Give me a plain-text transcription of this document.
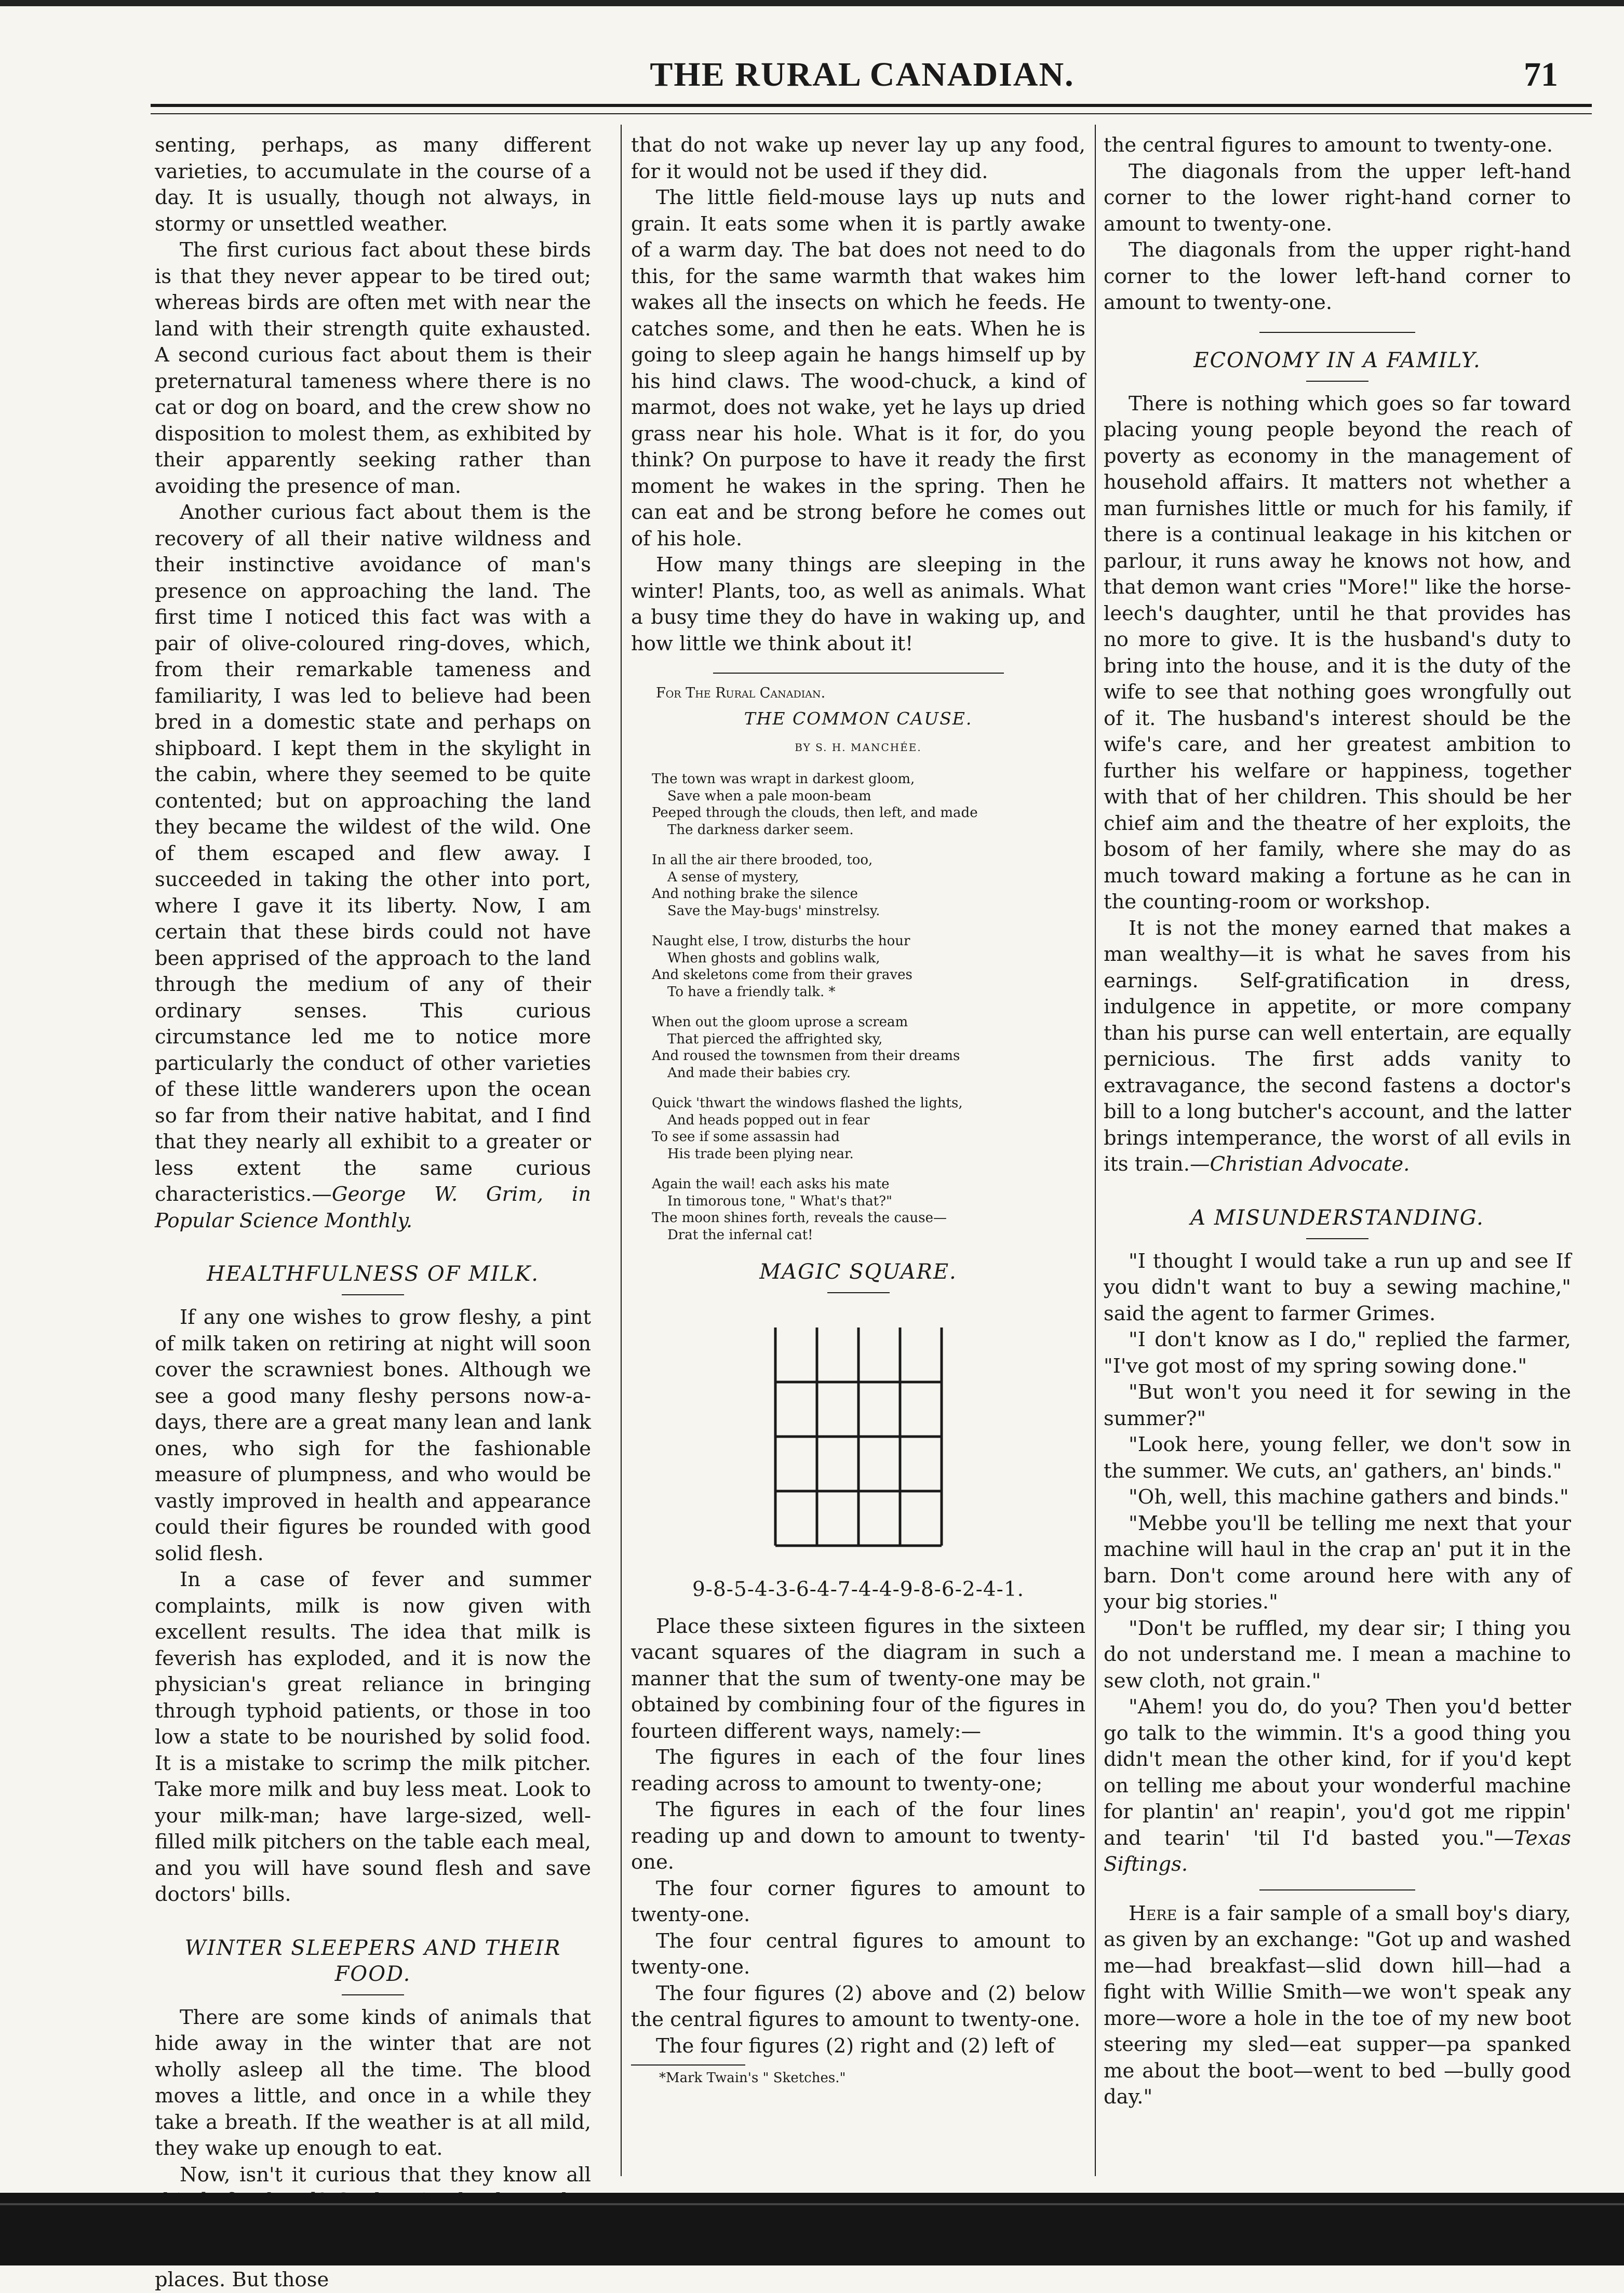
THE RURAL CANADIAN.	71

senting, perhaps, as many different varieties, to accumulate in the course of a day. It is usually, though not always, in stormy or unsettled weather.

The first curious fact about these birds is that they never appear to be tired out; whereas birds are often met with near the land with their strength quite exhausted. A second curious fact about them is their preternatural tameness where there is no cat or dog on board, and the crew show no disposition to molest them, as exhibited by their apparently seeking rather than avoiding the presence of man.

Another curious fact about them is the recovery of all their native wildness and their instinctive avoidance of man's presence on approaching the land. The first time I noticed this fact was with a pair of olive-coloured ring-doves, which, from their remarkable tameness and familiarity, I was led to believe had been bred in a domestic state and perhaps on shipboard. I kept them in the skylight in the cabin, where they seemed to be quite contented; but on approaching the land they became the wildest of the wild. One of them escaped and flew away. I succeeded in taking the other into port, where I gave it its liberty. Now, I am certain that these birds could not have been apprised of the approach to the land through the medium of any of their ordinary senses. This curious circumstance led me to notice more particularly the conduct of other varieties of these little wanderers upon the ocean so far from their native habitat, and I find that they nearly all exhibit to a greater or less extent the same curious characteristics.—George W. Grim, in Popular Science Monthly.

HEALTHFULNESS OF MILK.

If any one wishes to grow fleshy, a pint of milk taken on retiring at night will soon cover the scrawniest bones. Although we see a good many fleshy persons now-a-days, there are a great many lean and lank ones, who sigh for the fashionable measure of plumpness, and who would be vastly improved in health and appearance could their figures be rounded with good solid flesh.

In a case of fever and summer complaints, milk is now given with excellent results. The idea that milk is feverish has exploded, and it is now the physician's great reliance in bringing through typhoid patients, or those in too low a state to be nourished by solid food. It is a mistake to scrimp the milk pitcher. Take more milk and buy less meat. Look to your milk-man; have large-sized, well-filled milk pitchers on the table each meal, and you will have sound flesh and save doctors' bills.

WINTER SLEEPERS AND THEIR FOOD.

There are some kinds of animals that hide away in the winter that are not wholly asleep all the time. The blood moves a little, and once in a while they take a breath. If the weather is at all mild, they wake up enough to eat.

Now, isn't it curious that they know all places. But those

that do not wake up never lay up any food, for it would not be used if they did.

The little field-mouse lays up nuts and grain. It eats some when it is partly awake of a warm day. The bat does not need to do this, for the same warmth that wakes him wakes all the insects on which he feeds. He catches some, and then he eats. When he is going to sleep again he hangs himself up by his hind claws. The wood-chuck, a kind of marmot, does not wake, yet he lays up dried grass near his hole. What is it for, do you think? On purpose to have it ready the first moment he wakes in the spring. Then he can eat and be strong before he comes out of his hole.

How many things are sleeping in the winter! Plants, too, as well as animals. What a busy time they do have in waking up, and how little we think about it!

For The Rural Canadian.

THE COMMON CAUSE.
BY S. H. MANCHÉE.
The town was wrapt in darkest gloom,
Save when a pale moon-beam
Peeped through the clouds, then left, and made
The darkness darker seem.
In all the air there brooded, too,
A sense of mystery,
And nothing brake the silence
Save the May-bugs' minstrelsy.
Naught else, I trow, disturbs the hour
When ghosts and goblins walk,
And skeletons come from their graves
To have a friendly talk. *
When out the gloom uprose a scream
That pierced the affrighted sky,
And roused the townsmen from their dreams
And made their babies cry.
Quick 'thwart the windows flashed the lights,
And heads popped out in fear
To see if some assassin had
His trade been plying near.
Again the wail! each asks his mate
In timorous tone, " What's that?"
The moon shines forth, reveals the cause—
Drat the infernal cat!
MAGIC SQUARE.
9-8-5-4-3-6-4-7-4-4-9-8-6-2-4-1.

Place these sixteen figures in the sixteen vacant squares of the diagram in such a manner that the sum of twenty-one may be obtained by combining four of the figures in fourteen different ways, namely:—

The figures in each of the four lines reading across to amount to twenty-one;

The figures in each of the four lines reading up and down to amount to twenty-one.

The four corner figures to amount to twenty-one.

The four central figures to amount to twenty-one.

The four figures (2) above and (2) below the central figures to amount to twenty-one.

The four figures (2) right and (2) left of

*Mark Twain's " Sketches."

the central figures to amount to twenty-one.

The diagonals from the upper left-hand corner to the lower right-hand corner to amount to twenty-one.

The diagonals from the upper right-hand corner to the lower left-hand corner to amount to twenty-one.

ECONOMY IN A FAMILY.

There is nothing which goes so far toward placing young people beyond the reach of poverty as economy in the management of household affairs. It matters not whether a man furnishes little or much for his family, if there is a continual leakage in his kitchen or parlour, it runs away he knows not how, and that demon want cries "More!" like the horse-leech's daughter, until he that provides has no more to give. It is the husband's duty to bring into the house, and it is the duty of the wife to see that nothing goes wrongfully out of it. The husband's interest should be the wife's care, and her greatest ambition to further his welfare or happiness, together with that of her children. This should be her chief aim and the theatre of her exploits, the bosom of her family, where she may do as much toward making a fortune as he can in the counting-room or workshop.

It is not the money earned that makes a man wealthy—it is what he saves from his earnings. Self-gratification in dress, indulgence in appetite, or more company than his purse can well entertain, are equally pernicious. The first adds vanity to extravagance, the second fastens a doctor's bill to a long butcher's account, and the latter brings intemperance, the worst of all evils in its train.—Christian Advocate.

A MISUNDERSTANDING.

"I thought I would take a run up and see If you didn't want to buy a sewing machine," said the agent to farmer Grimes.

"I don't know as I do," replied the farmer, "I've got most of my spring sowing done."

"But won't you need it for sewing in the summer?"

"Look here, young feller, we don't sow in the summer. We cuts, an' gathers, an' binds."

"Oh, well, this machine gathers and binds."

"Mebbe you'll be telling me next that your machine will haul in the crap an' put it in the barn. Don't come around here with any of your big stories."

"Don't be ruffled, my dear sir; I thing you do not understand me. I mean a machine to sew cloth, not grain."

"Ahem! you do, do you? Then you'd better go talk to the wimmin. It's a good thing you didn't mean the other kind, for if you'd kept on telling me about your wonderful machine for plantin' an' reapin', you'd got me rippin' and tearin' 'til I'd basted you."—Texas Siftings.

Here is a fair sample of a small boy's diary, as given by an exchange: "Got up and washed me—had breakfast—slid down hill—had a fight with Willie Smith—we won't speak any more—wore a hole in the toe of my new boot steering my sled—eat supper—pa spanked me about the boot—went to bed —bully good day."
